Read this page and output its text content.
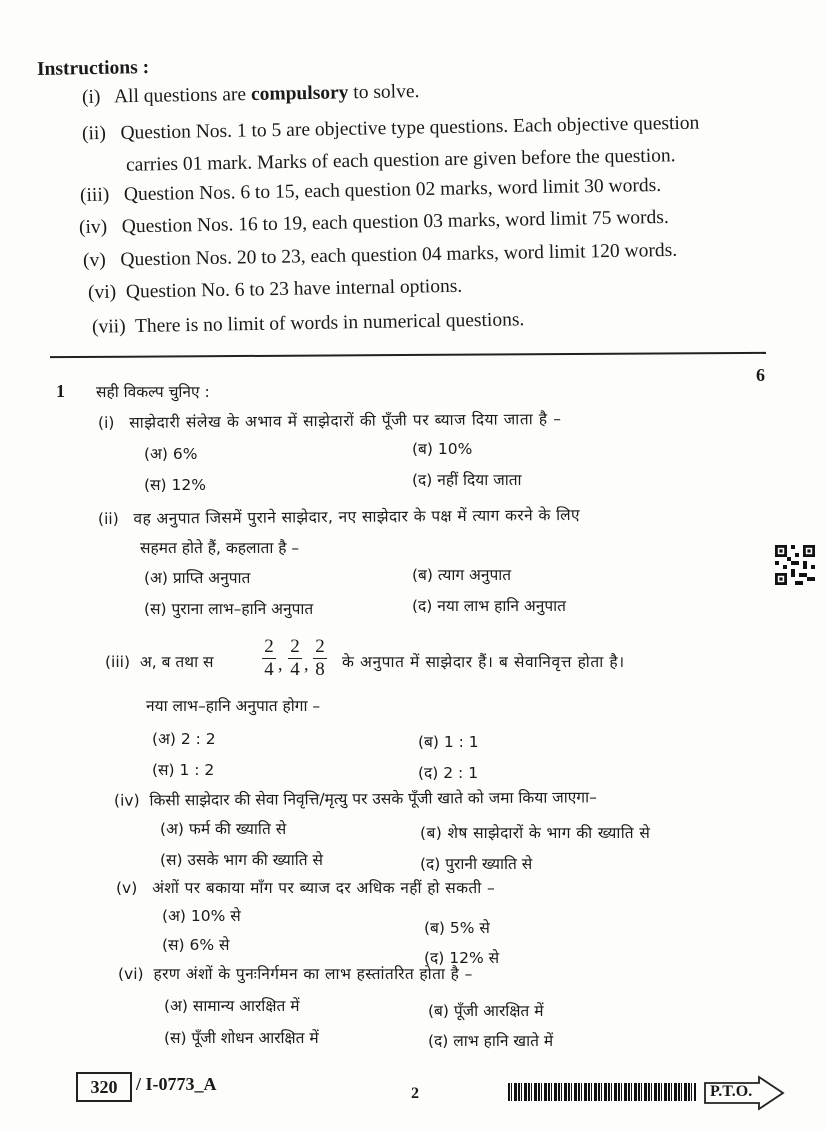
Instructions :
(i) All questions are compulsory to solve.
(ii) Question Nos. 1 to 5 are objective type questions. Each objective question
carries 01 mark. Marks of each question are given before the question.
(iii) Question Nos. 6 to 15, each question 02 marks, word limit 30 words.
(iv) Question Nos. 16 to 19, each question 03 marks, word limit 75 words.
(v) Question Nos. 20 to 23, each question 04 marks, word limit 120 words.
(vi) Question No. 6 to 23 have internal options.
(vii) There is no limit of words in numerical questions.
1
6
सही विकल्प चुनिए :
(i) साझेदारी संलेख के अभाव में साझेदारों की पूँजी पर ब्याज दिया जाता है –
(अ) 6%	(ब) 10%
(स) 12%	(द) नहीं दिया जाता
(ii) वह अनुपात जिसमें पुराने साझेदार, नए साझेदार के पक्ष में त्याग करने के लिए
सहमत होते हैं, कहलाता है –
(अ) प्राप्ति अनुपात	(ब) त्याग अनुपात
(स) पुराना लाभ–हानि अनुपात	(द) नया लाभ हानि अनुपात
(iii) अ, ब तथा स	$\frac{2}{4}$ , $\frac{2}{4}$ , $\frac{2}{8}$ के अनुपात में साझेदार हैं। ब सेवानिवृत्त होता है।
नया लाभ–हानि अनुपात होगा –
(अ) 2 : 2	(ब) 1 : 1
(स) 1 : 2	(द) 2 : 1
(iv) किसी साझेदार की सेवा निवृत्ति/मृत्यु पर उसके पूँजी खाते को जमा किया जाएगा–
(अ) फर्म की ख्याति से	(ब) शेष साझेदारों के भाग की ख्याति से
(स) उसके भाग की ख्याति से	(द) पुरानी ख्याति से
(v) अंशों पर बकाया माँग पर ब्याज दर अधिक नहीं हो सकती –
(अ) 10% से
(ब) 5% से
(स) 6% से
(द) 12% से
(vi) हरण अंशों के पुनःनिर्गमन का लाभ हस्तांतरित होता है –
(अ) सामान्य आरक्षित में	(ब) पूँजी आरक्षित में
(स) पूँजी शोधन आरक्षित में	(द) लाभ हानि खाते में
320	/ I-0773_A	2	P.T.O.
